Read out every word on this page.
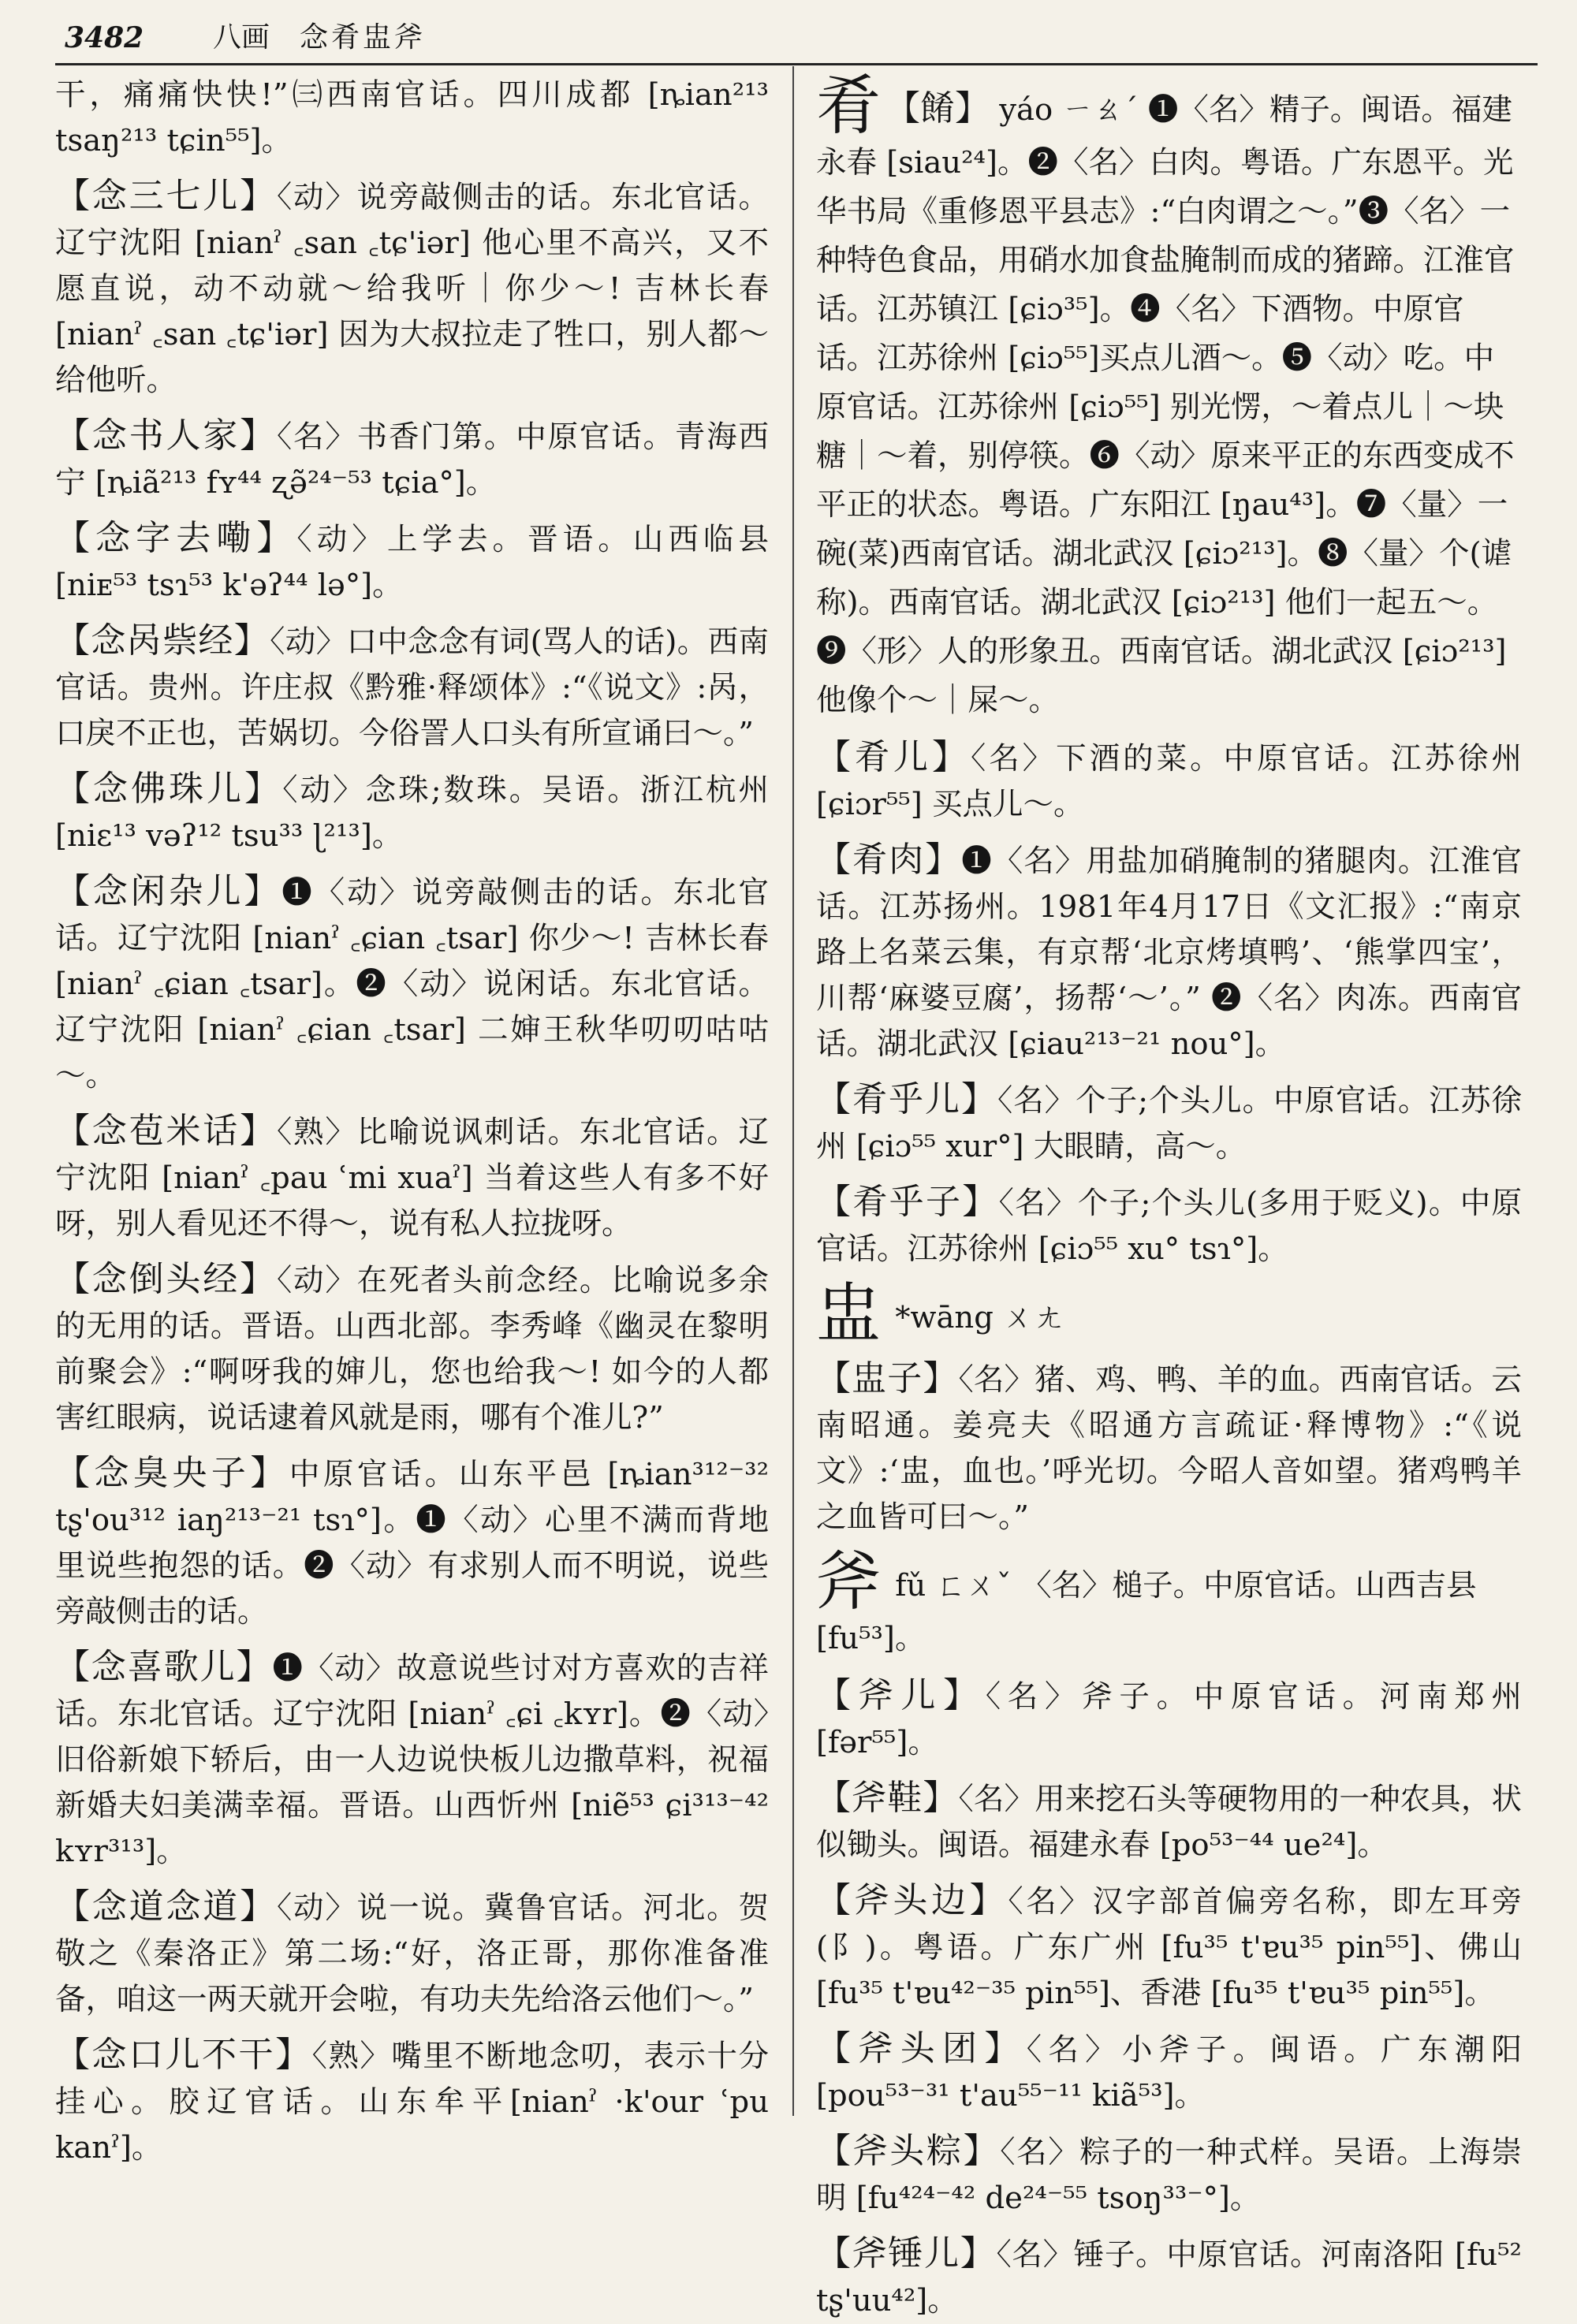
3482 八画 念肴盅斧
干，痛痛快快!”㈢西南官话。四川成都 [ȵian²¹³ tsaŋ²¹³ tɕin⁵⁵]。
【念三七儿】〈动〉说旁敲侧击的话。东北官话。辽宁沈阳 [nianˀ ꜀san ꜀tɕ'iər] 他心里不高兴，又不愿直说，动不动就～给我听｜你少～! 吉林长春[nianˀ ꜀san ꜀tɕ'iər] 因为大叔拉走了牲口，别人都～给他听。
【念书人家】〈名〉书香门第。中原官话。青海西宁 [ȵiã²¹³ fʏ⁴⁴ ʐə̃²⁴⁻⁵³ tɕia°]。
【念字去嘞】〈动〉上学去。晋语。山西临县 [niᴇ⁵³ tsɿ⁵³ k'əʔ⁴⁴ lə°]。
【念呙祡经】〈动〉口中念念有词(骂人的话)。西南官话。贵州。许庄叔《黔雅·释颂体》:“《说文》:呙，口戾不正也，苦娲切。今俗詈人口头有所宣诵曰～。”
【念佛珠儿】〈动〉念珠;数珠。吴语。浙江杭州 [niɛ¹³ vəʔ¹² tsu³³ ɭ²¹³]。
【念闲杂儿】❶〈动〉说旁敲侧击的话。东北官话。辽宁沈阳 [nianˀ ꜀ɕian ꜀tsar] 你少～! 吉林长春 [nianˀ ꜀ɕian ꜀tsar]。❷〈动〉说闲话。东北官话。辽宁沈阳 [nianˀ ꜀ɕian ꜀tsar] 二婶王秋华叨叨咕咕～。
【念苞米话】〈熟〉比喻说讽刺话。东北官话。辽宁沈阳 [nianˀ ꜀pau ʿmi xuaˀ] 当着这些人有多不好呀，别人看见还不得～，说有私人拉拢呀。
【念倒头经】〈动〉在死者头前念经。比喻说多余的无用的话。晋语。山西北部。李秀峰《幽灵在黎明前聚会》:“啊呀我的婶儿，您也给我～! 如今的人都害红眼病，说话逮着风就是雨，哪有个准儿?”
【念臭央子】中原官话。山东平邑 [ȵian³¹²⁻³² tʂ'ou³¹² iaŋ²¹³⁻²¹ tsɿ°]。❶〈动〉心里不满而背地里说些抱怨的话。❷〈动〉有求别人而不明说，说些旁敲侧击的话。
【念喜歌儿】❶〈动〉故意说些讨对方喜欢的吉祥话。东北官话。辽宁沈阳 [nianˀ ꜀ɕi ꜀kʏr]。❷〈动〉旧俗新娘下轿后，由一人边说快板儿边撒草料，祝福新婚夫妇美满幸福。晋语。山西忻州 [niẽ⁵³ ɕi³¹³⁻⁴² kʏr³¹³]。
【念道念道】〈动〉说一说。冀鲁官话。河北。贺敬之《秦洛正》第二场:“好，洛正哥，那你准备准备，咱这一两天就开会啦，有功夫先给洛云他们～。”
【念口儿不干】〈熟〉嘴里不断地念叨，表示十分挂心。胶辽官话。山东牟平[nianˀ ·k'our ʿpu kanˀ]。
肴 【餚】 yáo ㄧㄠˊ ❶〈名〉精子。闽语。福建永春 [siau²⁴]。❷〈名〉白肉。粤语。广东恩平。光华书局《重修恩平县志》:“白肉谓之～。”❸〈名〉一种特色食品，用硝水加食盐腌制而成的猪蹄。江淮官话。江苏镇江 [ɕiɔ³⁵]。❹〈名〉下酒物。中原官话。江苏徐州 [ɕiɔ⁵⁵]买点儿酒～。❺〈动〉吃。中原官话。江苏徐州 [ɕiɔ⁵⁵] 别光愣，～着点儿｜～块糖｜～着，别停筷。❻〈动〉原来平正的东西变成不平正的状态。粤语。广东阳江 [ŋau⁴³]。❼〈量〉一碗(菜)西南官话。湖北武汉 [ɕiɔ²¹³]。❽〈量〉个(谑称)。西南官话。湖北武汉 [ɕiɔ²¹³] 他们一起五～。❾〈形〉人的形象丑。西南官话。湖北武汉 [ɕiɔ²¹³] 他像个～｜屎～。
【肴儿】〈名〉下酒的菜。中原官话。江苏徐州 [ɕiɔr⁵⁵] 买点儿～。
【肴肉】❶〈名〉用盐加硝腌制的猪腿肉。江淮官话。江苏扬州。1981年4月17日《文汇报》:“南京路上名菜云集，有京帮‘北京烤填鸭’、‘熊掌四宝’，川帮‘麻婆豆腐’，扬帮‘～’。” ❷〈名〉肉冻。西南官话。湖北武汉 [ɕiau²¹³⁻²¹ nou°]。
【肴乎儿】〈名〉个子;个头儿。中原官话。江苏徐州 [ɕiɔ⁵⁵ xur°] 大眼睛，高～。
【肴乎子】〈名〉个子;个头儿(多用于贬义)。中原官话。江苏徐州 [ɕiɔ⁵⁵ xu° tsɿ°]。
盅 *wāng ㄨㄤ
【盅子】〈名〉猪、鸡、鸭、羊的血。西南官话。云南昭通。姜亮夫《昭通方言疏证·释博物》:“《说文》:‘盅，血也。’呼光切。今昭人音如望。猪鸡鸭羊之血皆可曰～。”
斧 fǔ ㄈㄨˇ 〈名〉槌子。中原官话。山西吉县 [fu⁵³]。
【斧儿】〈名〉斧子。中原官话。河南郑州 [fər⁵⁵]。
【斧鞋】〈名〉用来挖石头等硬物用的一种农具，状似锄头。闽语。福建永春 [po⁵³⁻⁴⁴ ue²⁴]。
【斧头边】〈名〉汉字部首偏旁名称，即左耳旁(阝)。粤语。广东广州 [fu³⁵ t'ɐu³⁵ pin⁵⁵]、佛山 [fu³⁵ t'ɐu⁴²⁻³⁵ pin⁵⁵]、香港 [fu³⁵ t'ɐu³⁵ pin⁵⁵]。
【斧头团】〈名〉小斧子。闽语。广东潮阳 [pou⁵³⁻³¹ t'au⁵⁵⁻¹¹ kiã⁵³]。
【斧头粽】〈名〉粽子的一种式样。吴语。上海崇明 [fu⁴²⁴⁻⁴² de²⁴⁻⁵⁵ tsoŋ³³⁻°]。
【斧锤儿】〈名〉锤子。中原官话。河南洛阳 [fu⁵² tʂ'uu⁴²]。
